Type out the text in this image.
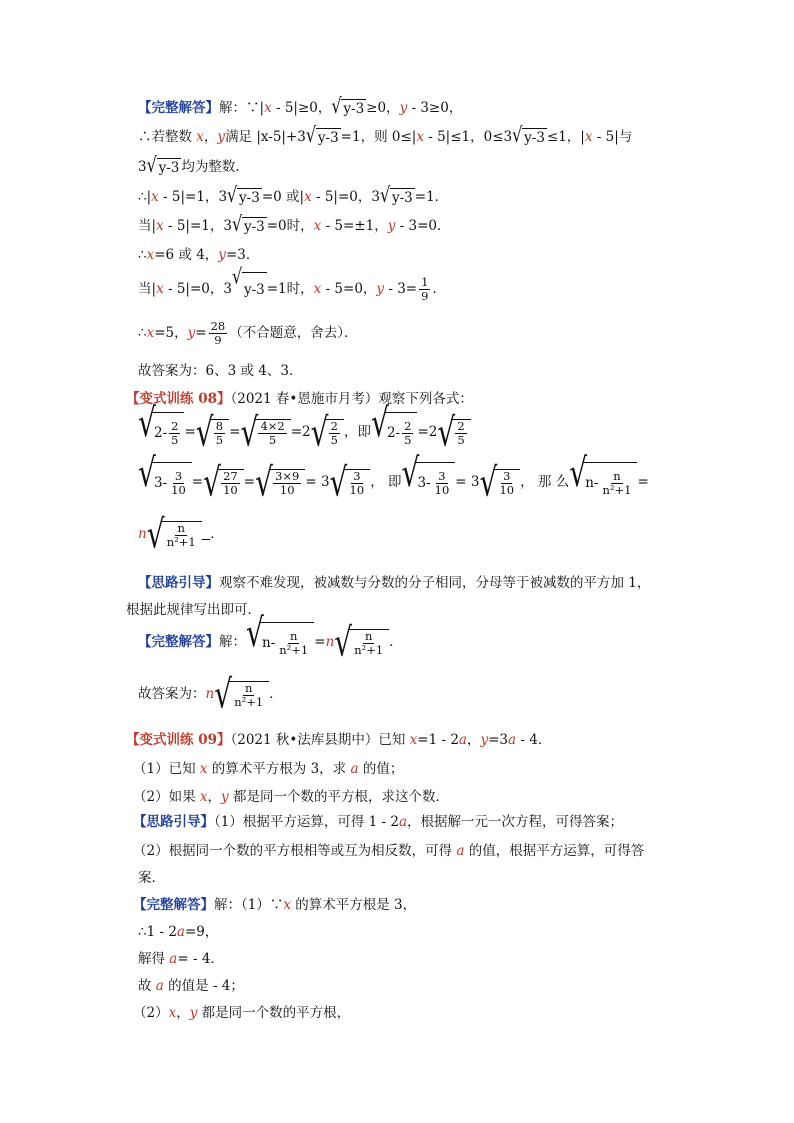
【完整解答】解：∵|x - 5|≥0， √ y-3 ≥0，y - 3≥0，
∴若整数 x，y满足 |x-5|+3 √ y-3 =1，则 0≤|x - 5|≤1，0≤3 √ y-3 ≤1，|x - 5|与
3 √ y-3 均为整数．
∴|x - 5|=1，3 √ y-3 =0 或|x - 5|=0，3 √ y-3 =1．
当|x - 5|=1，3 √ y-3 =0时，x - 5=±1，y - 3=0．
∴x=6 或 4，y=3．
当|x - 5|=0，3
√
y-3 =1时，x - 5=0，$y - 3= \frac{1}{9}$ ．
∴x=5，$y= \frac{28}{9}$ （不合题意，舍去）．
故答案为：6、3 或 4、3．
【变式训练 08】（2021 春•恩施市月考）观察下列各式：
√
$2- \frac{2}{5}$ = √ $\frac{8}{5}$ = √ $\frac{4\times 2}{5} =2$ √ $\frac{2}{5}$ ，即 √
$2- \frac{2}{5} =2$ √ $\frac{2}{5}$
√
$3- \frac{3}{10}$ = √ $\frac{27}{10}$ = √ $\frac{3\times 9}{10} = 3$ √ $\frac{3}{10}$ ， 即 √
$3- \frac{3}{10} = 3$ √ $\frac{3}{10}$ ， 那 么 √
$n- \frac{n}{\text{n²+1}}$ =
n √ $\frac{n}{\text{n²+1}}$ ．
【思路引导】观察不难发现，被减数与分数的分子相同，分母等于被减数的平方加 1，
根据此规律写出即可．
【完整解答】解： √
$n- \frac{n}{\text{n²+1}} =n$ √ $\frac{n}{\text{n²+1}}$ ．
故答案为：n √ $\frac{n}{\text{n²+1}}$ ．
【变式训练 09】（2021 秋•法库县期中）已知 x=1 - 2a，y=3a - 4．
（1）已知 x 的算术平方根为 3，求 a 的值；
（2）如果 x，y 都是同一个数的平方根，求这个数．
【思路引导】（1）根据平方运算，可得 1 - 2a，根据解一元一次方程，可得答案；
（2）根据同一个数的平方根相等或互为相反数，可得 a 的值，根据平方运算，可得答
案．
【完整解答】解：（1）∵x 的算术平方根是 3，
∴1 - 2a=9，
解得 a= - 4．
故 a 的值是 - 4；
（2）x，y 都是同一个数的平方根，
